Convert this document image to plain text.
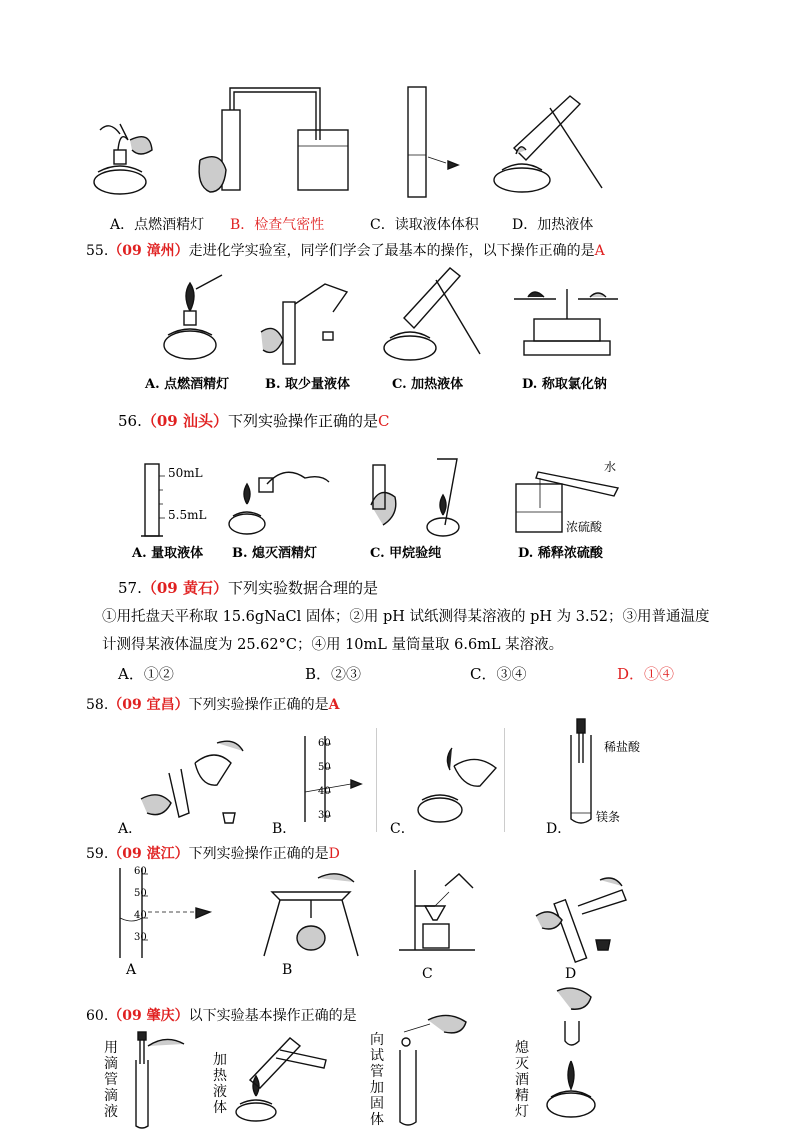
A．点燃酒精灯 B．检查气密性	C．读取液体体积 D．加热液体
55.（09 漳州）走进化学实验室，同学们学会了最基本的操作，以下操作正确的是A
A. 点燃酒精灯	B. 取少量液体	C. 加热液体	D. 称取氯化钠
56.（09 汕头）下列实验操作正确的是C
50mL
5.5mL
水
浓硫酸
A. 量取液体 B. 熄灭酒精灯	C. 甲烷验纯	D. 稀释浓硫酸
57.（09 黄石）下列实验数据合理的是
①用托盘天平称取 15.6gNaCl 固体；②用 pH 试纸测得某溶液的 pH 为 3.52；③用普通温度
计测得某液体温度为 25.62°C；④用 10mL 量筒量取 6.6mL 某溶液。
A．①②	B．②③	C．③④	D．①④
58.（09 宜昌）下列实验操作正确的是A
60
50
40
30
稀盐酸
镁条
A．	B．	C．	D．
59.（09 湛江）下列实验操作正确的是D
60
50
40
30
A	B	C	D
60.（09 肇庆）以下实验基本操作正确的是
用滴管滴液
加热液体
向试管加固体
熄灭酒精灯
